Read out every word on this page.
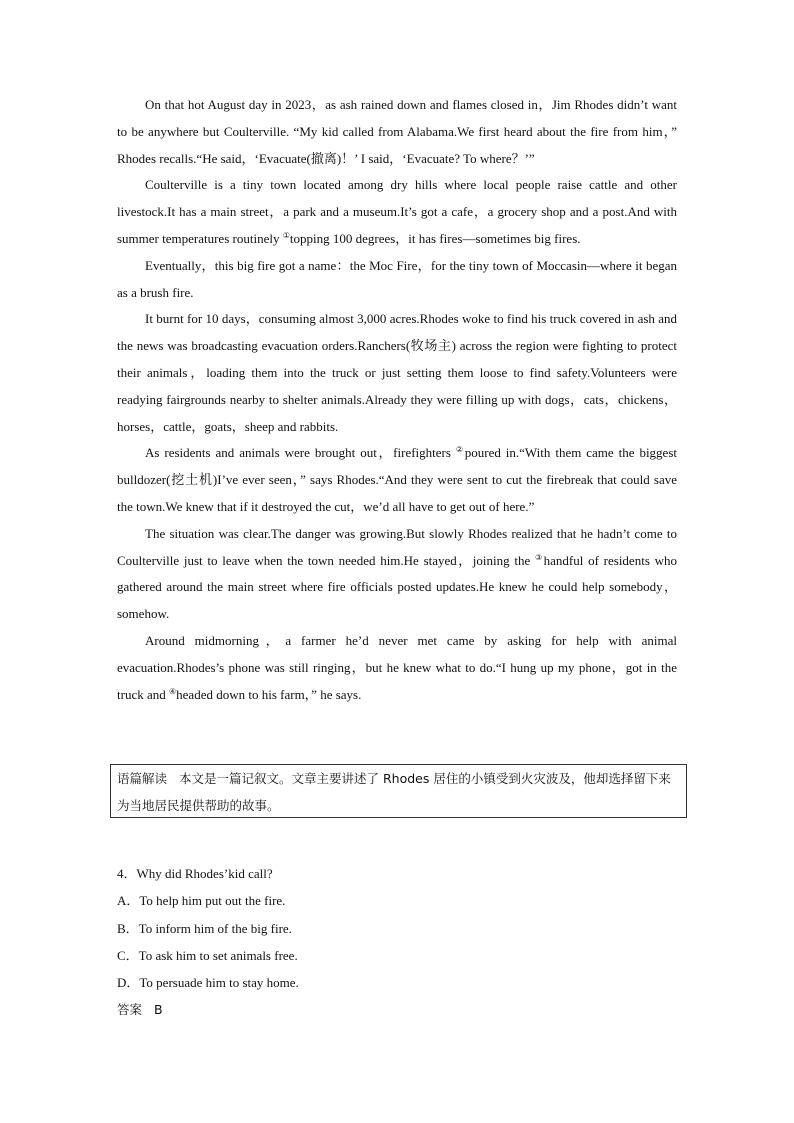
On that hot August day in 2023，as ash rained down and flames closed in，Jim Rhodes didn’t want to be anywhere but Coulterville. “My kid called from Alabama.We first heard about the fire from him，” Rhodes recalls.“He said，‘Evacuate(撤离)！’ I said，‘Evacuate? To where？’”

Coulterville is a tiny town located among dry hills where local people raise cattle and other livestock.It has a main street，a park and a museum.It’s got a cafe，a grocery shop and a post.And with summer temperatures routinely ①topping 100 degrees，it has fires—sometimes big fires.

Eventually，this big fire got a name：the Moc Fire，for the tiny town of Moccasin—where it began as a brush fire.

It burnt for 10 days，consuming almost 3,000 acres.Rhodes woke to find his truck covered in ash and the news was broadcasting evacuation orders.Ranchers(牧场主) across the region were fighting to protect their animals，loading them into the truck or just setting them loose to find safety.Volunteers were readying fairgrounds nearby to shelter animals.Already they were filling up with dogs，cats，chickens，horses，cattle，goats，sheep and rabbits.

As residents and animals were brought out，firefighters ②poured in.“With them came the biggest bulldozer(挖土机)I’ve ever seen，” says Rhodes.“And they were sent to cut the firebreak that could save the town.We knew that if it destroyed the cut，we’d all have to get out of here.”

The situation was clear.The danger was growing.But slowly Rhodes realized that he hadn’t come to Coulterville just to leave when the town needed him.He stayed，joining the ③handful of residents who gathered around the main street where fire officials posted updates.He knew he could help somebody，somehow.

Around midmorning，a farmer he’d never met came by asking for help with animal evacuation.Rhodes’s phone was still ringing，but he knew what to do.“I hung up my phone，got in the truck and ④headed down to his farm，” he says.

语篇解读 本文是一篇记叙文。文章主要讲述了 Rhodes 居住的小镇受到火灾波及，他却选择留下来为当地居民提供帮助的故事。

4．Why did Rhodes’kid call?

A．To help him put out the fire.

B．To inform him of the big fire.

C．To ask him to set animals free.

D．To persuade him to stay home.

答案 B
